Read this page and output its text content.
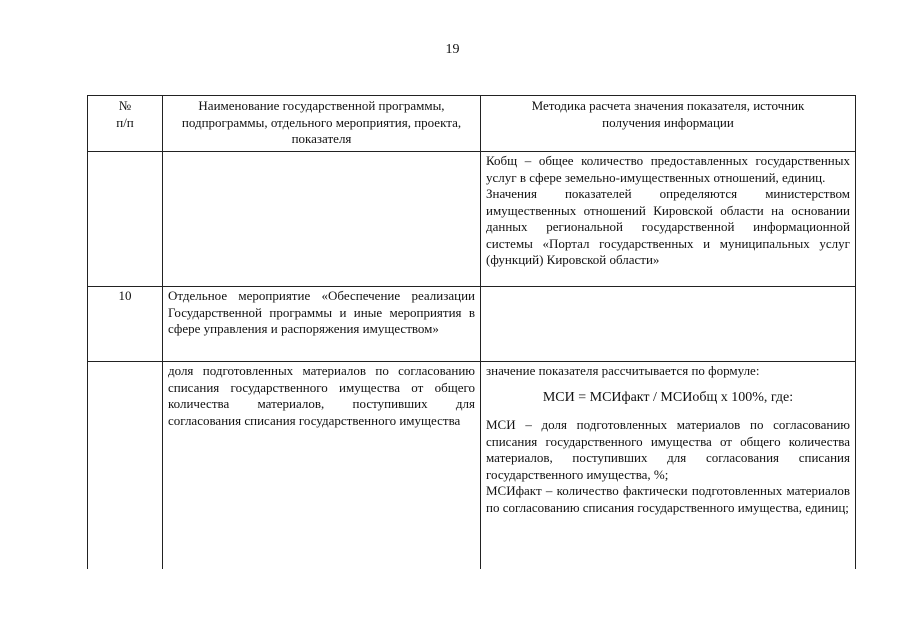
19
№
п/п	Наименование государственной программы, подпрограммы, отдельного мероприятия, проекта, показателя	Методика расчета значения показателя, источник получения информации

		Кобщ – общее количество предоставленных государственных услуг в сфере земельно-имущественных отношений, единиц.

Значения показателей определяются министерством имущественных отношений Кировской области на основании данных региональной государственной информационной системы «Портал государственных и муниципальных услуг (функций) Кировской области»

10	Отдельное мероприятие «Обеспечение реализации Государственной программы и иные мероприятия в сфере управления и распоряжения имуществом»	

	доля подготовленных материалов по согласованию списания государственного имущества от общего количества материалов, поступивших для согласования списания государственного имущества	значение показателя рассчитывается по формуле:

МСИ = МСИфакт / МСИобщ x 100%, где:

МСИ – доля подготовленных материалов по согласованию списания государственного имущества от общего количества материалов, поступивших для согласования списания государственного имущества, %;

МСИфакт – количество фактически подготовленных материалов по согласованию списания государственного имущества, единиц;
